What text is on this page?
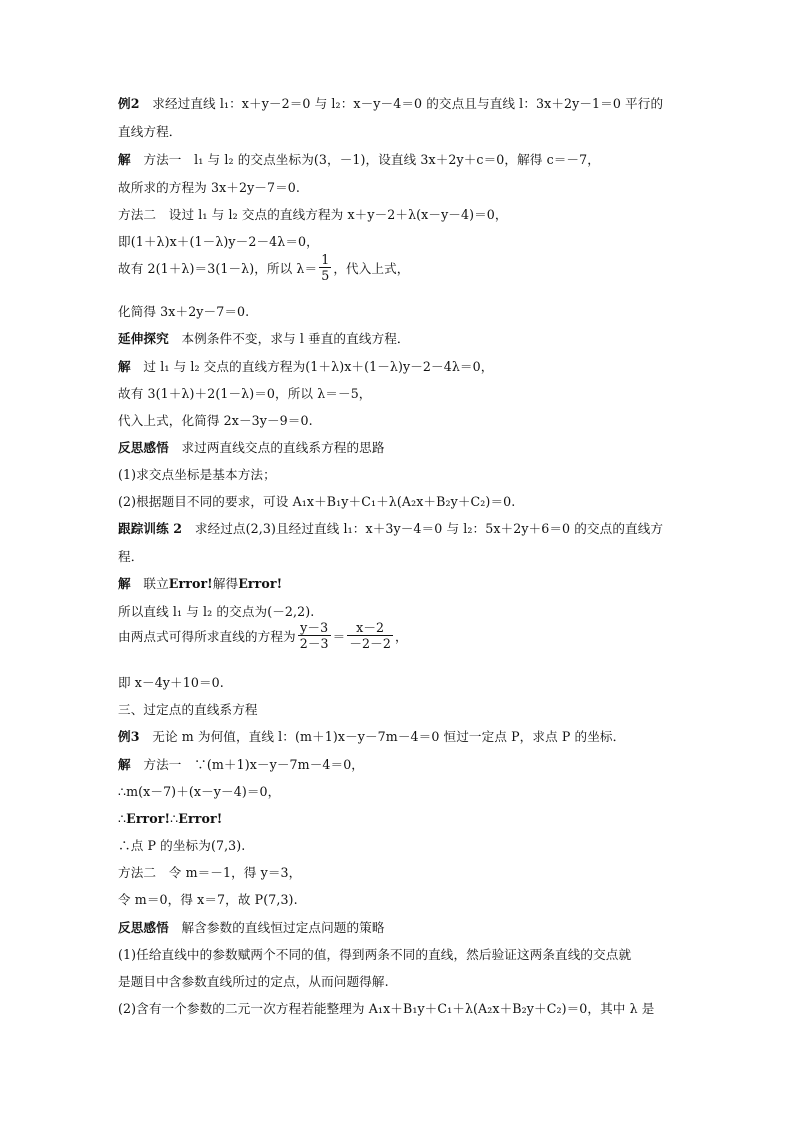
例2　求经过直线 l₁：x＋y－2＝0 与 l₂：x－y－4＝0 的交点且与直线 l：3x＋2y－1＝0 平行的
直线方程．
解　方法一　l₁ 与 l₂ 的交点坐标为(3，－1)，设直线 3x＋2y＋c＝0，解得 c＝－7，
故所求的方程为 3x＋2y－7＝0.
方法二　设过 l₁ 与 l₂ 交点的直线方程为 x＋y－2＋λ(x－y－4)＝0，
即(1＋λ)x＋(1－λ)y－2－4λ＝0，
故有 2(1＋λ)＝3(1－λ)，所以 $\lambda= \frac{1}{5}$ ，代入上式，
化简得 3x＋2y－7＝0.
延伸探究　本例条件不变，求与 l 垂直的直线方程．
解　过 l₁ 与 l₂ 交点的直线方程为(1＋λ)x＋(1－λ)y－2－4λ＝0，
故有 3(1＋λ)＋2(1－λ)＝0，所以 λ＝－5，
代入上式，化简得 2x－3y－9＝0.
反思感悟　求过两直线交点的直线系方程的思路
(1)求交点坐标是基本方法；
(2)根据题目不同的要求，可设 A₁x＋B₁y＋C₁＋λ(A₂x＋B₂y＋C₂)＝0.
跟踪训练 2　求经过点(2,3)且经过直线 l₁：x＋3y－4＝0 与 l₂：5x＋2y＋6＝0 的交点的直线方
程．
解　联立Error!解得Error!
所以直线 l₁ 与 l₂ 的交点为(－2,2).
由两点式可得所求直线的方程为 $\frac{y-3}{2-3} = \frac{x-2}{-2-2}$ ，
即 x－4y＋10＝0.
三、过定点的直线系方程
例3　无论 m 为何值，直线 l：(m＋1)x－y－7m－4＝0 恒过一定点 P，求点 P 的坐标．
解　方法一　∵(m＋1)x－y－7m－4＝0，
∴m(x－7)＋(x－y－4)＝0，
∴Error!∴Error!
∴点 P 的坐标为(7,3).
方法二　令 m＝－1，得 y＝3，
令 m＝0，得 x＝7，故 P(7,3).
反思感悟　解含参数的直线恒过定点问题的策略
(1)任给直线中的参数赋两个不同的值，得到两条不同的直线，然后验证这两条直线的交点就
是题目中含参数直线所过的定点，从而问题得解.
(2)含有一个参数的二元一次方程若能整理为 A₁x＋B₁y＋C₁＋λ(A₂x＋B₂y＋C₂)＝0，其中 λ 是
